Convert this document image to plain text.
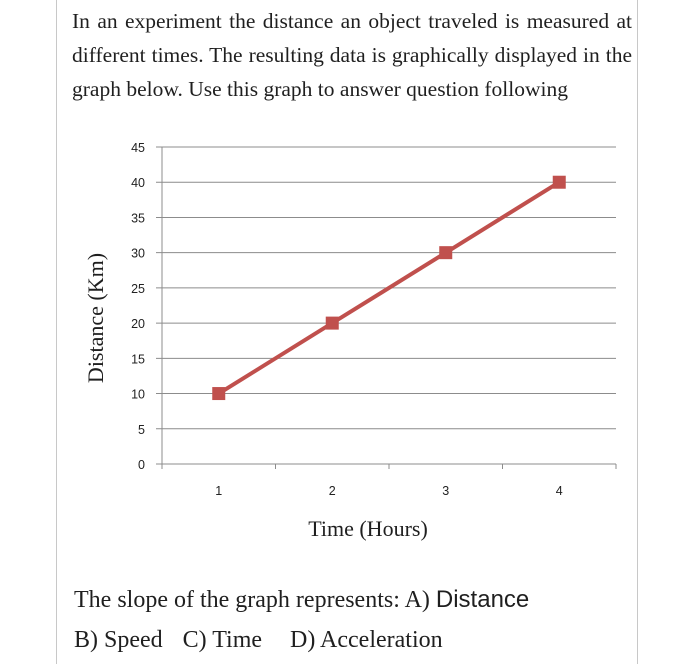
In an experiment the distance an object traveled is measured at different times. The resulting data is graphically displayed in the graph below. Use this graph to answer question following
0
5
10
15
20
25
30
35
40
45
1	2	3	4
Time (Hours)
Distance (Km)
The slope of the graph represents: A) Distance
B) Speed C) Time D) Acceleration
